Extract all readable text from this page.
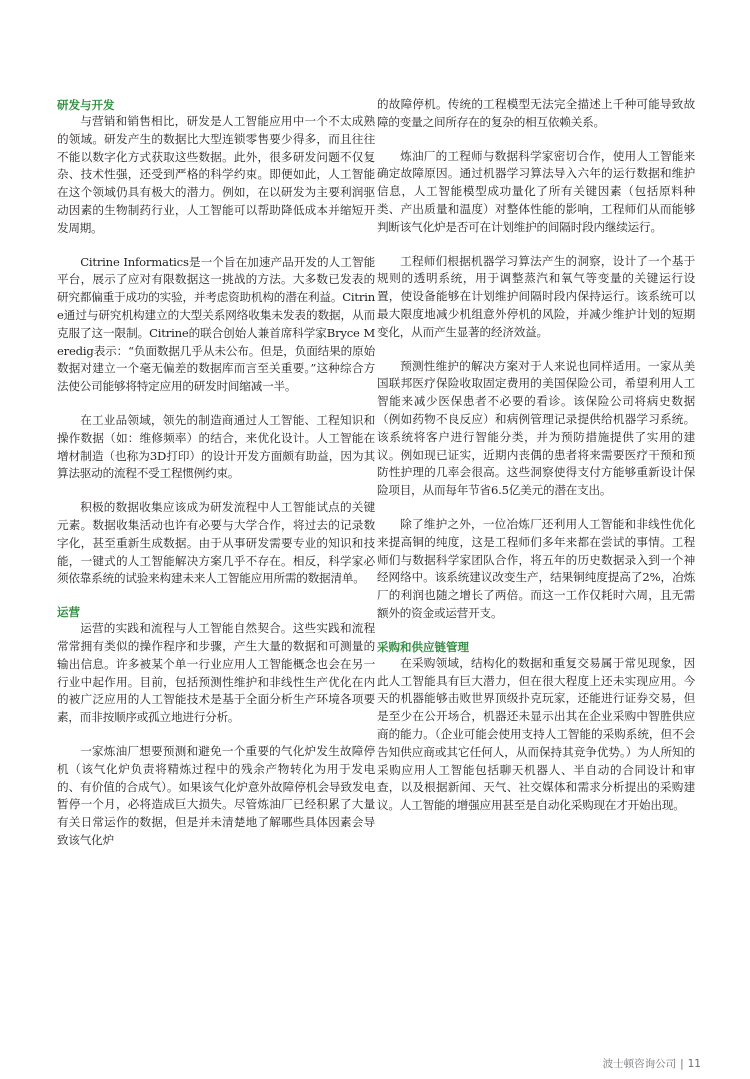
研发与开发

与营销和销售相比，研发是人工智能应用中一个不太成熟的领域。研发产生的数据比大型连锁零售要少得多，而且往往不能以数字化方式获取这些数据。此外，很多研发问题不仅复杂、技术性强，还受到严格的科学约束。即便如此，人工智能在这个领域仍具有极大的潜力。例如，在以研发为主要利润驱动因素的生物制药行业，人工智能可以帮助降低成本并缩短开发周期。

Citrine Informatics是一个旨在加速产品开发的人工智能平台，展示了应对有限数据这一挑战的方法。大多数已发表的研究都偏重于成功的实验，并考虑资助机构的潜在利益。Citrine通过与研究机构建立的大型关系网络收集未发表的数据，从而克服了这一限制。Citrine的联合创始人兼首席科学家Bryce Meredig表示：“负面数据几乎从未公布。但是，负面结果的原始数据对建立一个毫无偏差的数据库而言至关重要。”这种综合方法使公司能够将特定应用的研发时间缩减一半。

在工业品领域，领先的制造商通过人工智能、工程知识和操作数据（如：维修频率）的结合，来优化设计。人工智能在增材制造（也称为3D打印）的设计开发方面颇有助益，因为其算法驱动的流程不受工程惯例约束。

积极的数据收集应该成为研发流程中人工智能试点的关键元素。数据收集活动也许有必要与大学合作，将过去的记录数字化，甚至重新生成数据。由于从事研发需要专业的知识和技能，一键式的人工智能解决方案几乎不存在。相反，科学家必须依靠系统的试验来构建未来人工智能应用所需的数据清单。

运营

运营的实践和流程与人工智能自然契合。这些实践和流程常常拥有类似的操作程序和步骤，产生大量的数据和可测量的输出信息。许多被某个单一行业应用人工智能概念也会在另一行业中起作用。目前，包括预测性维护和非线性生产优化在内的被广泛应用的人工智能技术是基于全面分析生产环境各项要素，而非按顺序或孤立地进行分析。

一家炼油厂想要预测和避免一个重要的气化炉发生故障停机（该气化炉负责将精炼过程中的残余产物转化为用于发电的、有价值的合成气）。如果该气化炉意外故障停机会导致发电暂停一个月，必将造成巨大损失。尽管炼油厂已经积累了大量有关日常运作的数据，但是并未清楚地了解哪些具体因素会导致该气化炉

的故障停机。传统的工程模型无法完全描述上千种可能导致故障的变量之间所存在的复杂的相互依赖关系。

炼油厂的工程师与数据科学家密切合作，使用人工智能来确定故障原因。通过机器学习算法导入六年的运行数据和维护信息，人工智能模型成功量化了所有关键因素（包括原料种类、产出质量和温度）对整体性能的影响，工程师们从而能够判断该气化炉是否可在计划维护的间隔时段内继续运行。

工程师们根据机器学习算法产生的洞察，设计了一个基于规则的透明系统，用于调整蒸汽和氧气等变量的关键运行设置，使设备能够在计划维护间隔时段内保持运行。该系统可以最大限度地减少机组意外停机的风险，并减少维护计划的短期变化，从而产生显著的经济效益。

预测性维护的解决方案对于人来说也同样适用。一家从美国联邦医疗保险收取固定费用的美国保险公司，希望利用人工智能来减少医保患者不必要的看诊。该保险公司将病史数据（例如药物不良反应）和病例管理记录提供给机器学习系统。该系统将客户进行智能分类，并为预防措施提供了实用的建议。例如现已证实，近期内丧偶的患者将来需要医疗干预和预防性护理的几率会很高。这些洞察使得支付方能够重新设计保险项目，从而每年节省6.5亿美元的潜在支出。

除了维护之外，一位冶炼厂还利用人工智能和非线性优化来提高铜的纯度，这是工程师们多年来都在尝试的事情。工程师们与数据科学家团队合作，将五年的历史数据录入到一个神经网络中。该系统建议改变生产，结果铜纯度提高了2%，冶炼厂的利润也随之增长了两倍。而这一工作仅耗时六周，且无需额外的资金或运营开支。

采购和供应链管理

在采购领域，结构化的数据和重复交易属于常见现象，因此人工智能具有巨大潜力，但在很大程度上还未实现应用。今天的机器能够击败世界顶级扑克玩家，还能进行证券交易，但是至少在公开场合，机器还未显示出其在企业采购中智胜供应商的能力。（企业可能会使用支持人工智能的采购系统，但不会告知供应商或其它任何人，从而保持其竞争优势。）为人所知的采购应用人工智能包括聊天机器人、半自动的合同设计和审查，以及根据新闻、天气、社交媒体和需求分析提出的采购建议。人工智能的增强应用甚至是自动化采购现在才开始出现。

波士顿咨询公司 | 11
